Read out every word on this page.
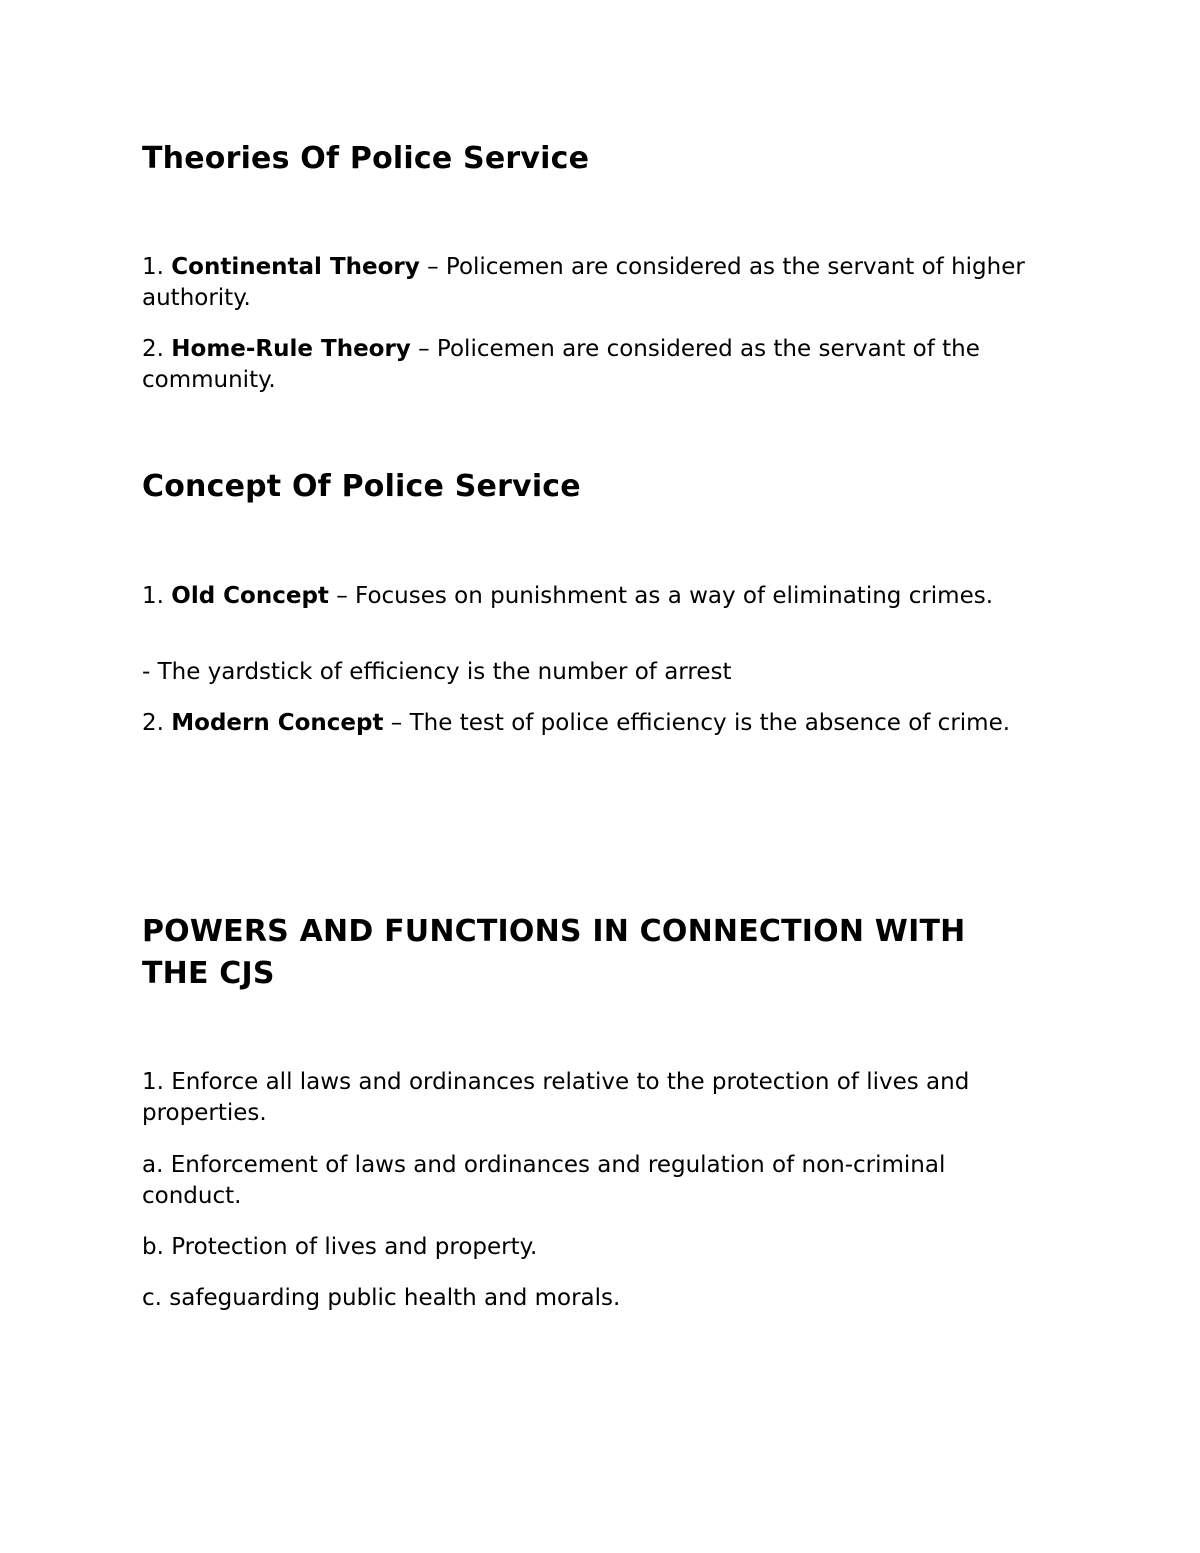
Theories Of Police Service

1. Continental Theory – Policemen are considered as the servant of higher authority.

2. Home-Rule Theory – Policemen are considered as the servant of the community.

Concept Of Police Service

1. Old Concept – Focuses on punishment as a way of eliminating crimes.

- The yardstick of efficiency is the number of arrest

2. Modern Concept – The test of police efficiency is the absence of crime.

POWERS AND FUNCTIONS IN CONNECTION WITH THE CJS

1. Enforce all laws and ordinances relative to the protection of lives and properties.

a. Enforcement of laws and ordinances and regulation of non-criminal conduct.

b. Protection of lives and property.

c. safeguarding public health and morals.
